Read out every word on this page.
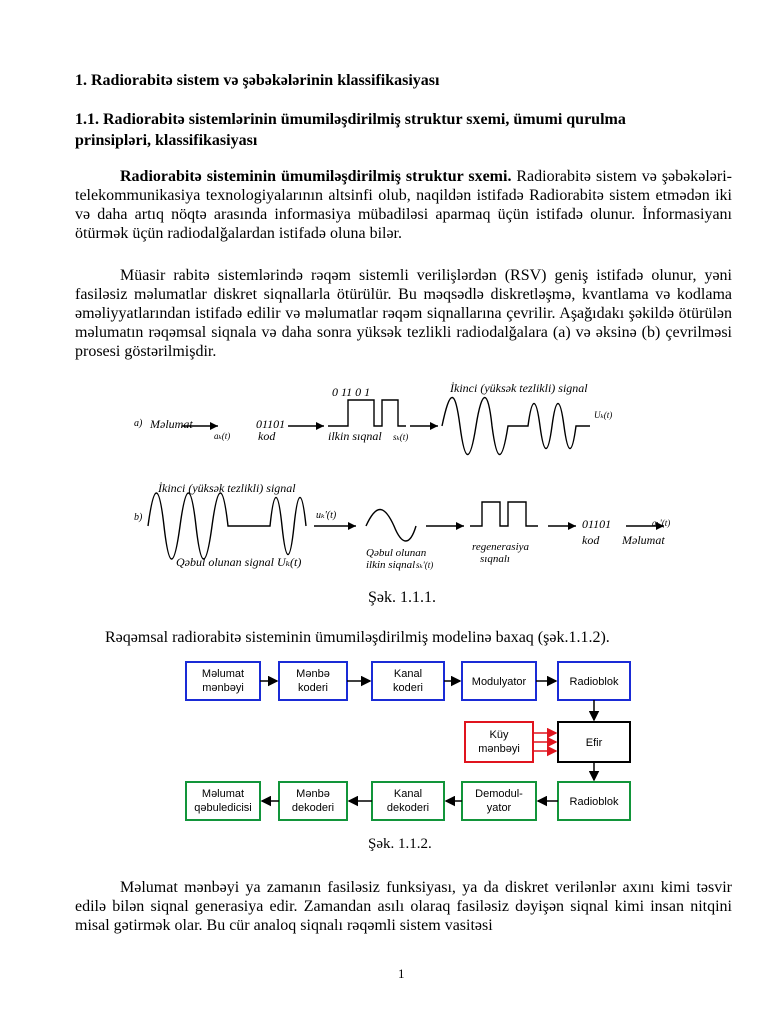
1. Radiorabitə sistem və şəbəkələrinin klassifikasiyası
1.1. Radiorabitə sistemlərinin ümumiləşdirilmiş struktur sxemi, ümumi qurulma prinsipləri, klassifikasiyası
Radiorabitə sisteminin ümumiləşdirilmiş struktur sxemi. Radiorabitə sistem və şəbəkələri- telekommunikasiya texnologiyalarının altsinfi olub, naqildən istifadə Radiorabitə sistem etmədən iki və daha artıq nöqtə arasında informasiya mübadiləsi aparmaq üçün istifadə olunur. İnformasiyanı ötürmək üçün radiodalğalardan istifadə oluna bilər.
Müasir rabitə sistemlərində rəqəm sistemli verilişlərdən (RSV) geniş istifadə olunur, yəni fasiləsiz məlumatlar diskret siqnallarla ötürülür. Bu məqsədlə diskretləşmə, kvantlama və kodlama əməliyyatlarından istifadə edilir və məlumatlar rəqəm siqnallarına çevrilir. Aşağıdakı şəkildə ötürülən məlumatın rəqəmsal siqnala və daha sonra yüksək tezlikli radiodalğalara (a) və əksinə (b) çevrilməsi prosesi göstərilmişdir.
a) Məlumat
aₖ(t)
01101
kod
0 11 0 1
ilkin sıqnal sₖ(t)
İkinci (yüksək tezlikli) signal
Uₖ(t)
b)
İkinci (yüksək tezlikli) signal
uₖ'(t)
Qəbul olunan signal Uₖ(t)
Qəbul olunan
ilkin siqnal sₖ'(t)
regenerasiya
sıqnalı
01101
kod
aₖ'(t)
Məlumat
Şək. 1.1.1.
Rəqəmsal radiorabitə sisteminin ümumiləşdirilmiş modelinə baxaq (şək.1.1.2).
Məlumat
mənbəyi
Mənbə
koderi
Kanal
koderi	Modulyator	Radioblok
Küy
mənbəyi	Efir
Məlumat
qəbuledicisi
Mənbə
dekoderi
Kanal
dekoderi
Demodul-
yator	Radioblok
Şək. 1.1.2.
Məlumat mənbəyi ya zamanın fasiləsiz funksiyası, ya da diskret verilənlər axını kimi təsvir edilə bilən siqnal generasiya edir. Zamandan asılı olaraq fasiləsiz dəyişən siqnal kimi insan nitqini misal gətirmək olar. Bu cür analoq siqnalı rəqəmli sistem vasitəsi
1
